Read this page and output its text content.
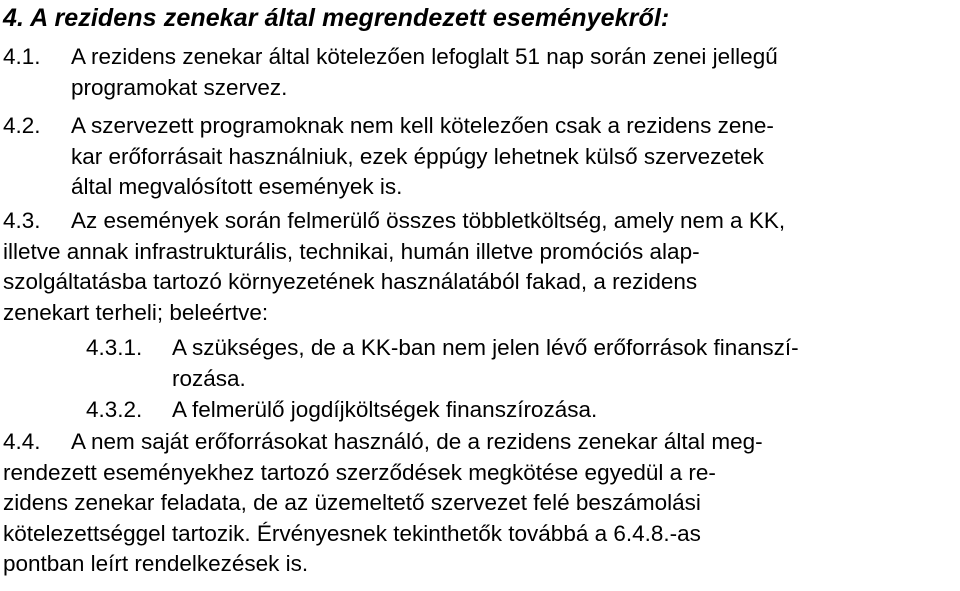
4. A rezidens zenekar által megrendezett eseményekről:
4.1. A rezidens zenekar által kötelezően lefoglalt 51 nap során zenei jellegű
programokat szervez.
4.2. A szervezett programoknak nem kell kötelezően csak a rezidens zene-
kar erőforrásait használniuk, ezek éppúgy lehetnek külső szervezetek
által megvalósított események is.
4.3. Az események során felmerülő összes többletköltség, amely nem a KK,
illetve annak infrastrukturális, technikai, humán illetve promóciós alap-
szolgáltatásba tartozó környezetének használatából fakad, a rezidens
zenekart terheli; beleértve:
4.3.1. A szükséges, de a KK-ban nem jelen lévő erőforrások finanszí-
rozása.
4.3.2. A felmerülő jogdíjköltségek finanszírozása.
4.4. A nem saját erőforrásokat használó, de a rezidens zenekar által meg-
rendezett eseményekhez tartozó szerződések megkötése egyedül a re-
zidens zenekar feladata, de az üzemeltető szervezet felé beszámolási
kötelezettséggel tartozik. Érvényesnek tekinthetők továbbá a 6.4.8.-as
pontban leírt rendelkezések is.
